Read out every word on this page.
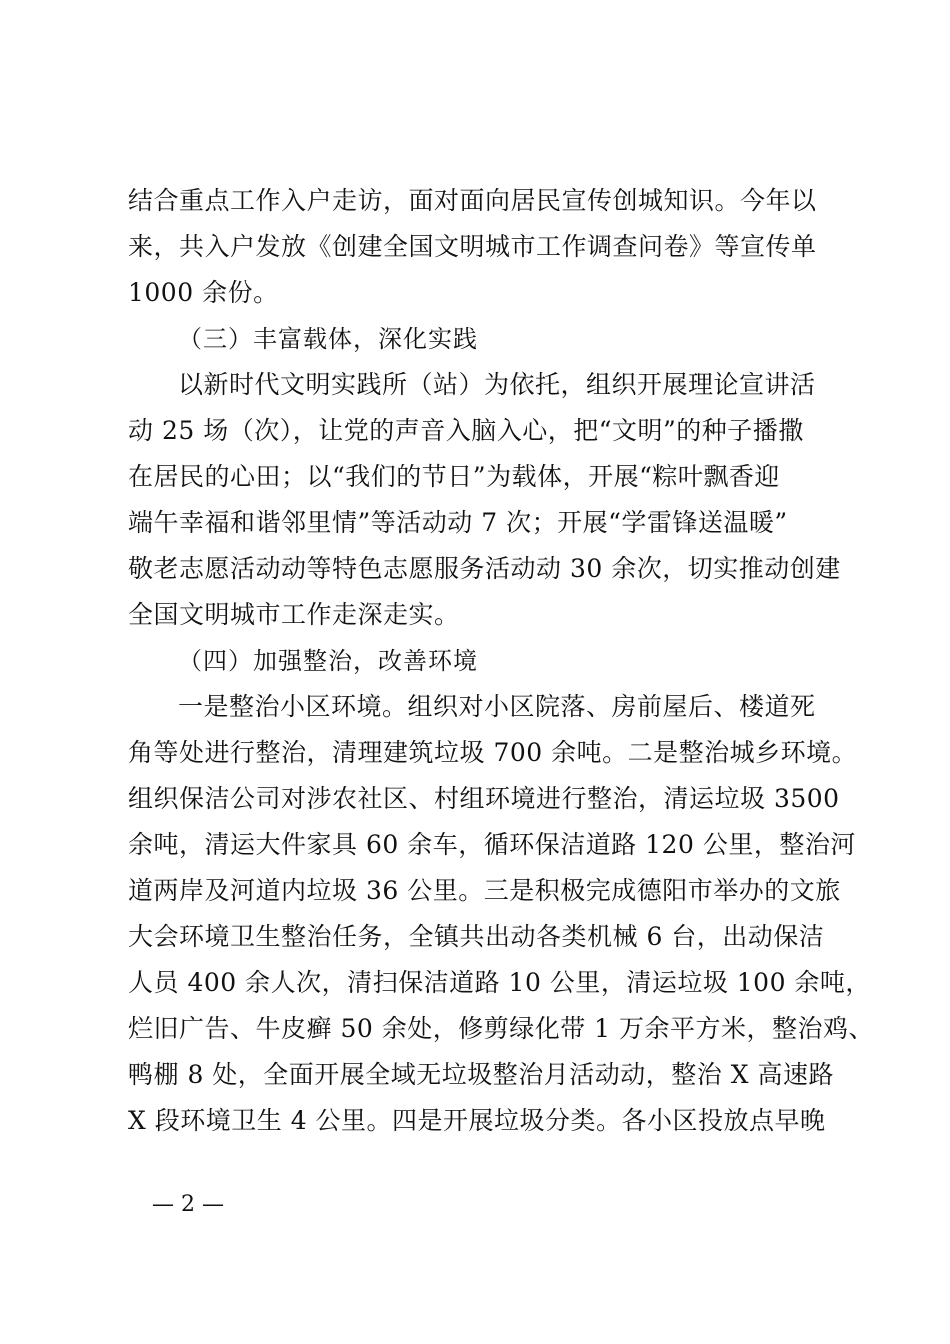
结合重点工作入户走访，面对面向居民宣传创城知识。今年以
来，共入户发放《创建全国文明城市工作调查问卷》等宣传单
1000 余份。
（三）丰富载体，深化实践
以新时代文明实践所（站）为依托，组织开展理论宣讲活
动 25 场（次），让党的声音入脑入心，把“文明”的种子播撒
在居民的心田；以“我们的节日”为载体，开展“粽叶飘香迎
端午幸福和谐邻里情”等活动动 7 次；开展“学雷锋送温暖”
敬老志愿活动动等特色志愿服务活动动 30 余次，切实推动创建
全国文明城市工作走深走实。
（四）加强整治，改善环境
一是整治小区环境。组织对小区院落、房前屋后、楼道死
角等处进行整治，清理建筑垃圾 700 余吨。二是整治城乡环境。
组织保洁公司对涉农社区、村组环境进行整治，清运垃圾 3500
余吨，清运大件家具 60 余车，循环保洁道路 120 公里，整治河
道两岸及河道内垃圾 36 公里。三是积极完成德阳市举办的文旅
大会环境卫生整治任务，全镇共出动各类机械 6 台，出动保洁
人员 400 余人次，清扫保洁道路 10 公里，清运垃圾 100 余吨，
烂旧广告、牛皮癣 50 余处，修剪绿化带 1 万余平方米，整治鸡、
鸭棚 8 处，全面开展全域无垃圾整治月活动动，整治 X 高速路
X 段环境卫生 4 公里。四是开展垃圾分类。各小区投放点早晚
— 2 —
